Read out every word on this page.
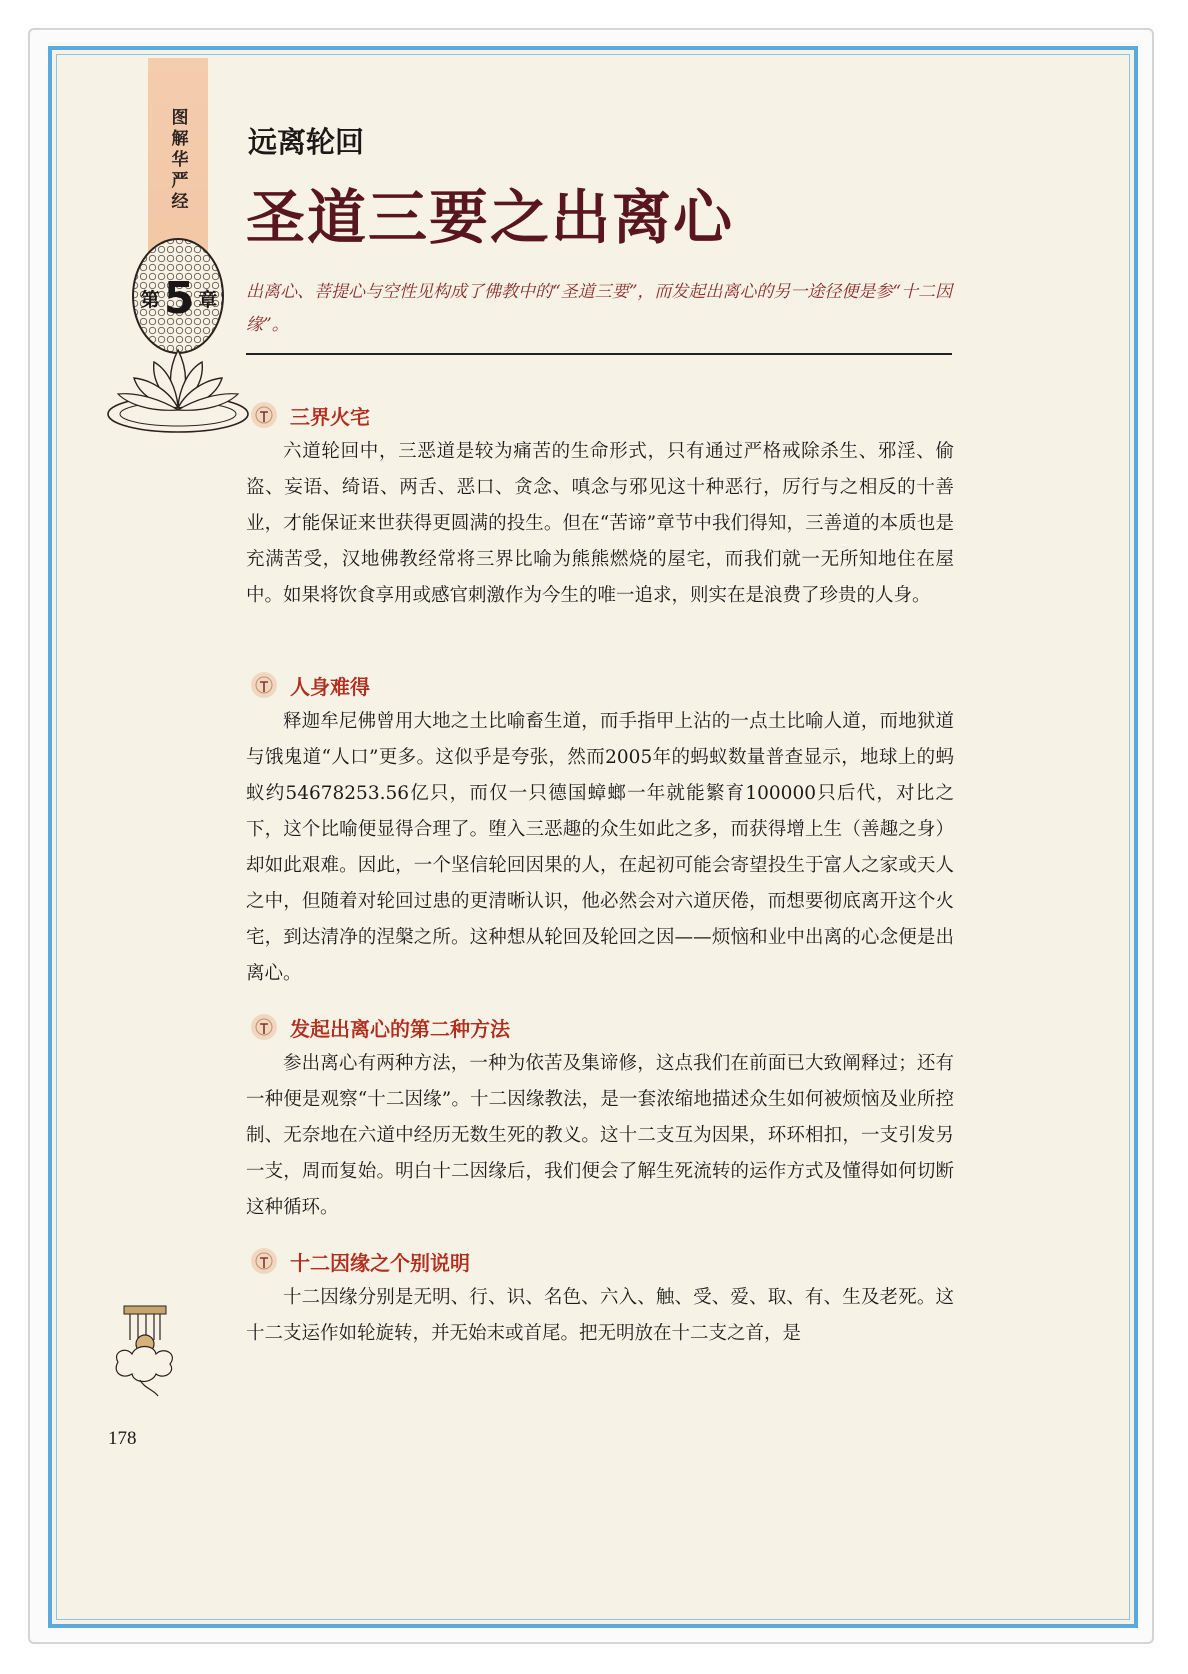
图解华严经
第 5 章
178
远离轮回
圣道三要之出离心
出离心、菩提心与空性见构成了佛教中的“圣道三要”，而发起出离心的另一途径便是参“十二因缘”。
三界火宅
六道轮回中，三恶道是较为痛苦的生命形式，只有通过严格戒除杀生、邪淫、偷盗、妄语、绮语、两舌、恶口、贪念、嗔念与邪见这十种恶行，厉行与之相反的十善业，才能保证来世获得更圆满的投生。但在“苦谛”章节中我们得知，三善道的本质也是充满苦受，汉地佛教经常将三界比喻为熊熊燃烧的屋宅，而我们就一无所知地住在屋中。如果将饮食享用或感官刺激作为今生的唯一追求，则实在是浪费了珍贵的人身。
人身难得
释迦牟尼佛曾用大地之土比喻畜生道，而手指甲上沾的一点土比喻人道，而地狱道与饿鬼道“人口”更多。这似乎是夸张，然而2005年的蚂蚁数量普查显示，地球上的蚂蚁约54678253.56亿只，而仅一只德国蟑螂一年就能繁育100000只后代，对比之下，这个比喻便显得合理了。堕入三恶趣的众生如此之多，而获得增上生（善趣之身）却如此艰难。因此，一个坚信轮回因果的人，在起初可能会寄望投生于富人之家或天人之中，但随着对轮回过患的更清晰认识，他必然会对六道厌倦，而想要彻底离开这个火宅，到达清净的涅槃之所。这种想从轮回及轮回之因——烦恼和业中出离的心念便是出离心。
发起出离心的第二种方法
参出离心有两种方法，一种为依苦及集谛修，这点我们在前面已大致阐释过；还有一种便是观察“十二因缘”。十二因缘教法，是一套浓缩地描述众生如何被烦恼及业所控制、无奈地在六道中经历无数生死的教义。这十二支互为因果，环环相扣，一支引发另一支，周而复始。明白十二因缘后，我们便会了解生死流转的运作方式及懂得如何切断这种循环。
十二因缘之个别说明
十二因缘分别是无明、行、识、名色、六入、触、受、爱、取、有、生及老死。这十二支运作如轮旋转，并无始末或首尾。把无明放在十二支之首，是
